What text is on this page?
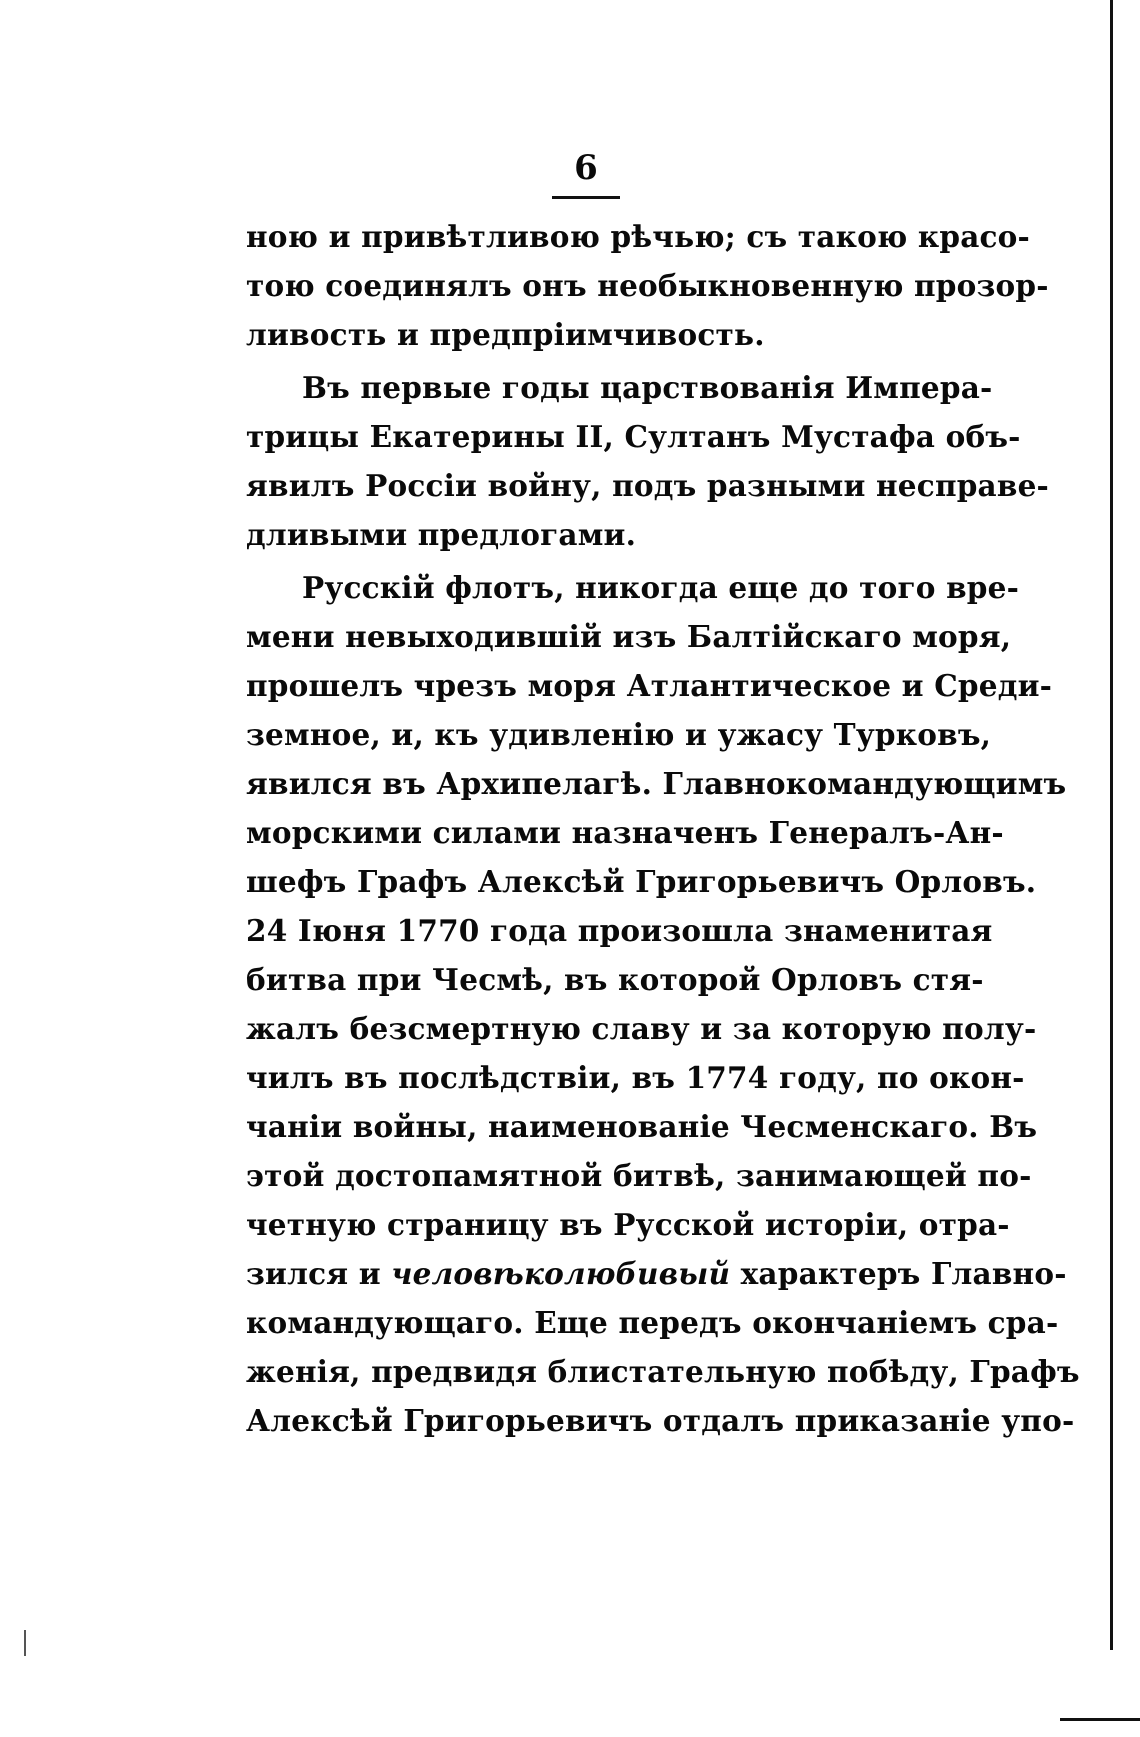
6
ною и привѣтливою рѣчью; съ такою красо-
тою соединялъ онъ необыкновенную прозор-
ливость и предпріимчивость.
Въ первые годы царствованія Импера-
трицы Екатерины II, Султанъ Мустафа объ-
явилъ Россіи войну, подъ разными несправе-
дливыми предлогами.
Русскій флотъ, никогда еще до того вре-
мени невыходившій изъ Балтійскаго моря,
прошелъ чрезъ моря Атлантическое и Среди-
земное, и, къ удивленію и ужасу Турковъ,
явился въ Архипелагѣ. Главнокомандующимъ
морскими силами назначенъ Генералъ-Ан-
шефъ Графъ Алексѣй Григорьевичъ Орловъ.
24 Іюня 1770 года произошла знаменитая
битва при Чесмѣ, въ которой Орловъ стя-
жалъ безсмертную славу и за которую полу-
чилъ въ послѣдствіи, въ 1774 году, по окон-
чаніи войны, наименованіе Чесменскаго. Въ
этой достопамятной битвѣ, занимающей по-
четную страницу въ Русской исторіи, отра-
зился и человѣколюбивый характеръ Главно-
командующаго. Еще передъ окончаніемъ сра-
женія, предвидя блистательную побѣду, Графъ
Алексѣй Григорьевичъ отдалъ приказаніе упо-
